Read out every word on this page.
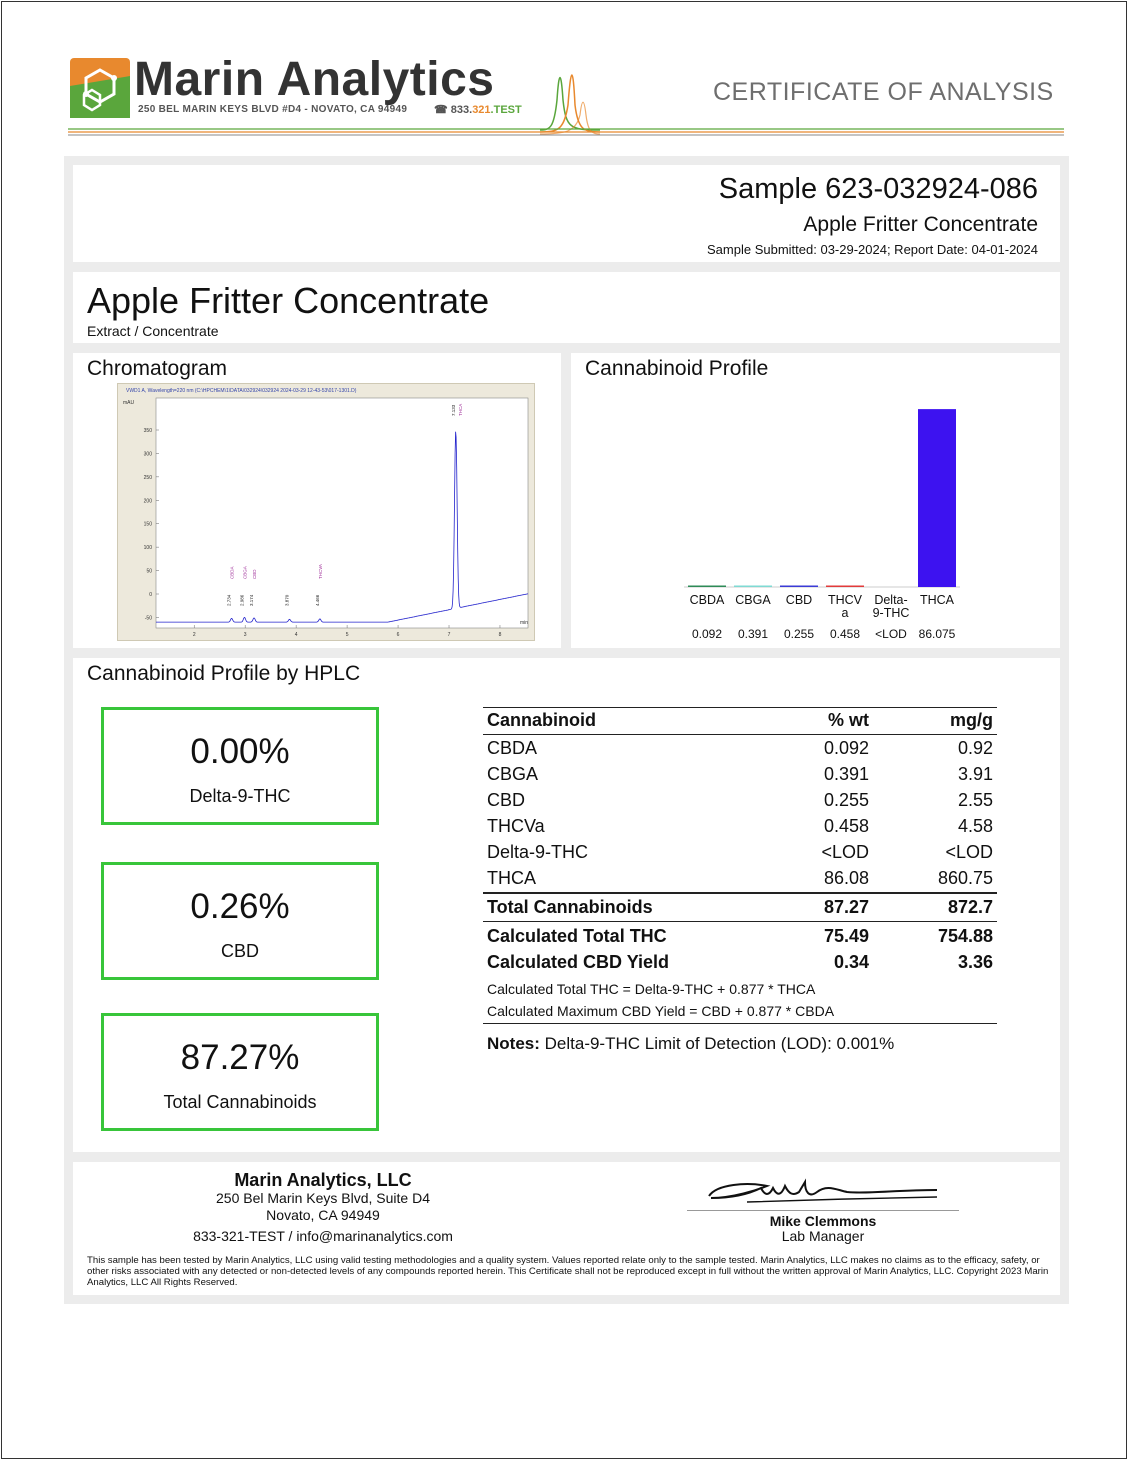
Marin Analytics
250 BEL MARIN KEYS BLVD #D4 - NOVATO, CA 94949 ☎ 833.321.TEST
CERTIFICATE OF ANALYSIS
Sample 623-032924-086
Apple Fritter Concentrate
Sample Submitted: 03-29-2024; Report Date: 04-01-2024
Apple Fritter Concentrate
Extract / Concentrate
Chromatogram
VWD1 A, Wavelength=220 nm (C:\HPCHEM\1\DATA\032924\032924 2024-03-29 12-43-53\017-1301.D)
mAU
min
350
300
250
200
150
100
50
0
-50
2	3	4	5	6	7	8
CBDA CBGA CBD	THCVA
THCA
2.734 2.986 3.174	3.870	4.466
7.133
Cannabinoid Profile
CBDA
0.092
CBGA
0.391
CBD
0.255
THCV
a
0.458
Delta-
9-THC
<LOD
THCA
86.075
Cannabinoid Profile by HPLC
0.00%
Delta-9-THC
0.26%
CBD
87.27%
Total Cannabinoids
Cannabinoid	% wt	mg/g
CBDA	0.092	0.92
CBGA	0.391	3.91
CBD	0.255	2.55
THCVa	0.458	4.58
Delta-9-THC	<LOD	<LOD
THCA	86.08	860.75
Total Cannabinoids	87.27	872.7
Calculated Total THC	75.49	754.88
Calculated CBD Yield	0.34	3.36
Calculated Total THC = Delta-9-THC + 0.877 * THCA
Calculated Maximum CBD Yield = CBD + 0.877 * CBDA
Notes: Delta-9-THC Limit of Detection (LOD): 0.001%
Marin Analytics, LLC
250 Bel Marin Keys Blvd, Suite D4
Novato, CA 94949
833-321-TEST / info@marinanalytics.com
Mike Clemmons
Lab Manager
This sample has been tested by Marin Analytics, LLC using valid testing methodologies and a quality system. Values reported relate only to the sample tested. Marin Analytics, LLC makes no claims as to the efficacy, safety, or other risks associated with any detected or non-detected levels of any compounds reported herein. This Certificate shall not be reproduced except in full without the written approval of Marin Analytics, LLC. Copyright 2023 Marin Analytics, LLC All Rights Reserved.
